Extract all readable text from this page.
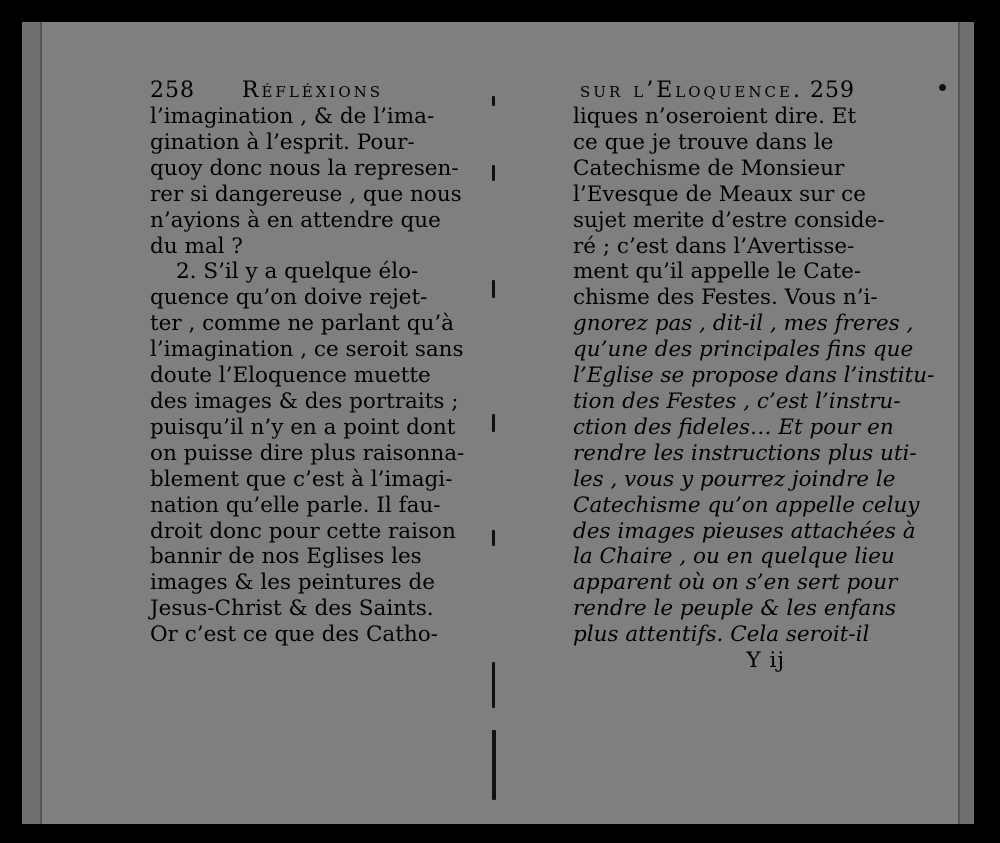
258 Réfléxions
l’imagination , & de l’ima-
gination à l’esprit. Pour-
quoy donc nous la represen-
rer si dangereuse , que nous
n’ayions à en attendre que
du mal ?
2. S’il y a quelque élo-
quence qu’on doive rejet-
ter , comme ne parlant qu’à
l’imagination , ce seroit sans
doute l’Eloquence muette
des images & des portraits ;
puisqu’il n’y en a point dont
on puisse dire plus raisonna-
blement que c’est à l’imagi-
nation qu’elle parle. Il fau-
droit donc pour cette raison
bannir de nos Eglises les
images & les peintures de
Jesus-Christ & des Saints.
Or c’est ce que des Catho-
sur l’Eloquence. 259
liques n’oseroient dire. Et
ce que je trouve dans le
Catechisme de Monsieur
l’Evesque de Meaux sur ce
sujet merite d’estre conside-
ré ; c’est dans l’Avertisse-
ment qu’il appelle le Cate-
chisme des Festes. Vous n’i-
gnorez pas , dit-il , mes freres ,
qu’une des principales fins que
l’Eglise se propose dans l’institu-
tion des Festes , c’est l’instru-
ction des fideles… Et pour en
rendre les instructions plus uti-
les , vous y pourrez joindre le
Catechisme qu’on appelle celuy
des images pieuses attachées à
la Chaire , ou en quelque lieu
apparent où on s’en sert pour
rendre le peuple & les enfans
plus attentifs. Cela seroit-il
Y ij
